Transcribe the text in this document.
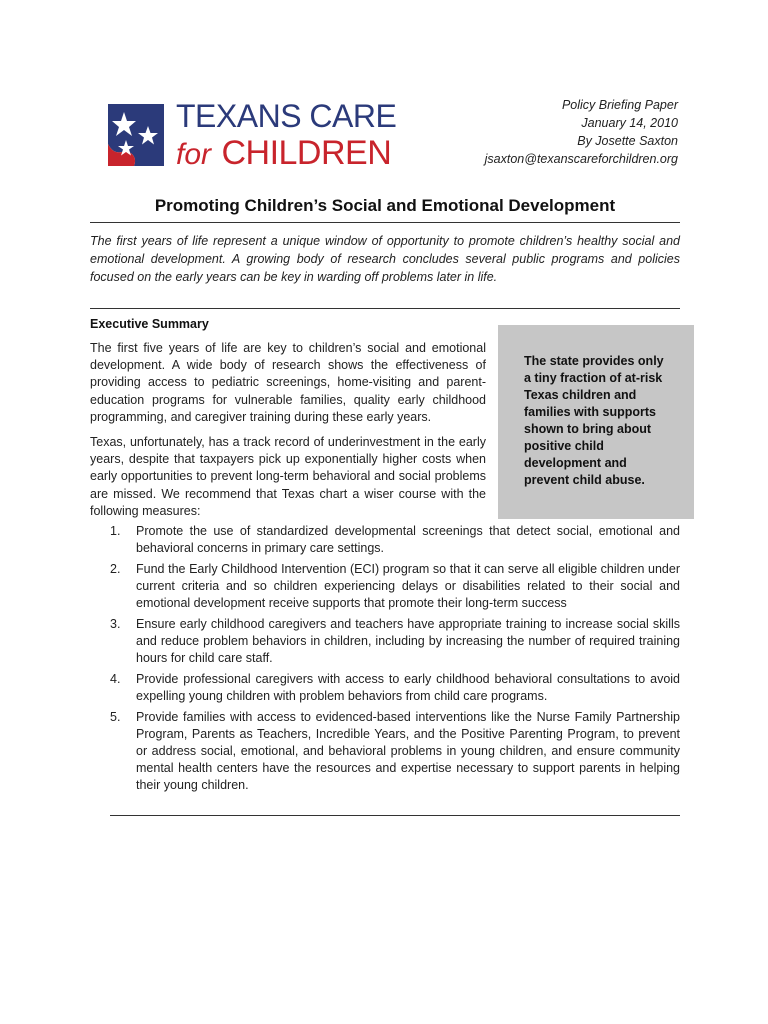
TEXANS CARE
for CHILDREN
Policy Briefing Paper
January 14, 2010
By Josette Saxton
jsaxton@texanscareforchildren.org
Promoting Children’s Social and Emotional Development
The first years of life represent a unique window of opportunity to promote children’s healthy social and emotional development. A growing body of research concludes several public programs and policies focused on the early years can be key in warding off problems later in life.
Executive Summary

The first five years of life are key to children’s social and emotional development. A wide body of research shows the effectiveness of providing access to pediatric screenings, home-visiting and parent-education programs for vulnerable families, quality early childhood programming, and caregiver training during these early years.

Texas, unfortunately, has a track record of underinvestment in the early years, despite that taxpayers pick up exponentially higher costs when early opportunities to prevent long-term behavioral and social problems are missed. We recommend that Texas chart a wiser course with the following measures:

The state provides only a tiny fraction of at-risk Texas children and families with supports shown to bring about positive child development and prevent child abuse.
1. Promote the use of standardized developmental screenings that detect social, emotional and behavioral concerns in primary care settings.
2. Fund the Early Childhood Intervention (ECI) program so that it can serve all eligible children under current criteria and so children experiencing delays or disabilities related to their social and emotional development receive supports that promote their long-term success
3. Ensure early childhood caregivers and teachers have appropriate training to increase social skills and reduce problem behaviors in children, including by increasing the number of required training hours for child care staff.
4. Provide professional caregivers with access to early childhood behavioral consultations to avoid expelling young children with problem behaviors from child care programs.
5. Provide families with access to evidenced-based interventions like the Nurse Family Partnership Program, Parents as Teachers, Incredible Years, and the Positive Parenting Program, to prevent or address social, emotional, and behavioral problems in young children, and ensure community mental health centers have the resources and expertise necessary to support parents in helping their young children.
